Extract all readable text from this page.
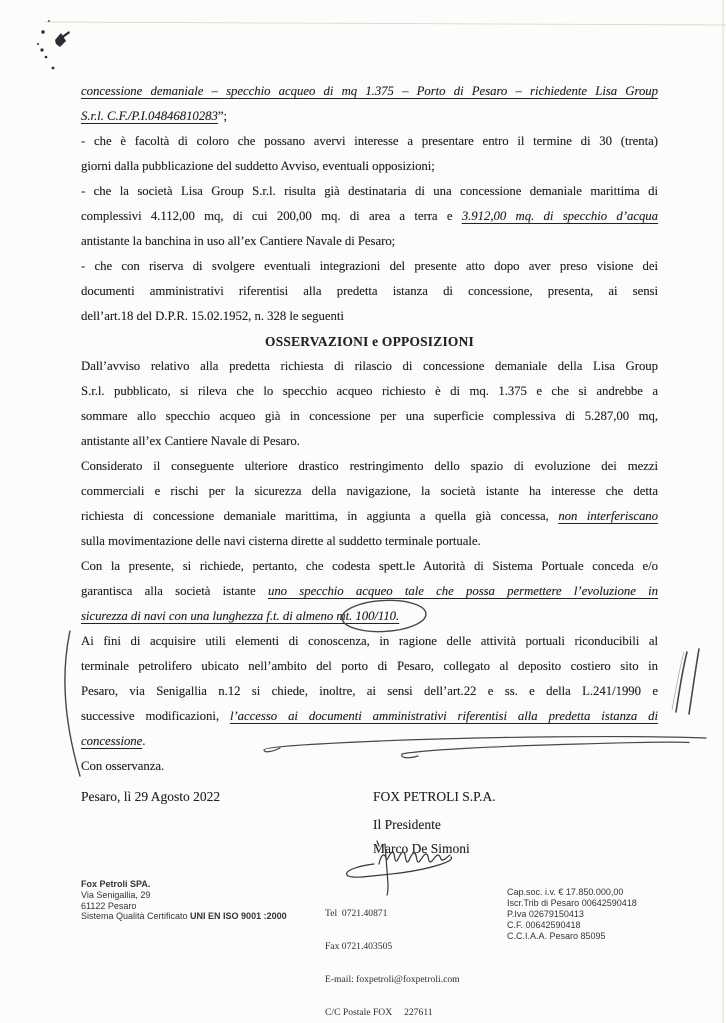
concessione demaniale – specchio acqueo di mq 1.375 – Porto di Pesaro – richiedente Lisa Group
S.r.l. C.F./P.I.04846810283”;
- che è facoltà di coloro che possano avervi interesse a presentare entro il termine di 30 (trenta)
giorni dalla pubblicazione del suddetto Avviso, eventuali opposizioni;
- che la società Lisa Group S.r.l. risulta già destinataria di una concessione demaniale marittima di
complessivi 4.112,00 mq, di cui 200,00 mq. di area a terra e 3.912,00 mq. di specchio d’acqua
antistante la banchina in uso all’ex Cantiere Navale di Pesaro;
- che con riserva di svolgere eventuali integrazioni del presente atto dopo aver preso visione dei
documenti amministrativi riferentisi alla predetta istanza di concessione, presenta, ai sensi
dell’art.18 del D.P.R. 15.02.1952, n. 328 le seguenti
OSSERVAZIONI e OPPOSIZIONI
Dall’avviso relativo alla predetta richiesta di rilascio di concessione demaniale della Lisa Group
S.r.l. pubblicato, si rileva che lo specchio acqueo richiesto è di mq. 1.375 e che si andrebbe a
sommare allo specchio acqueo già in concessione per una superficie complessiva di 5.287,00 mq,
antistante all’ex Cantiere Navale di Pesaro.
Considerato il conseguente ulteriore drastico restringimento dello spazio di evoluzione dei mezzi
commerciali e rischi per la sicurezza della navigazione, la società istante ha interesse che detta
richiesta di concessione demaniale marittima, in aggiunta a quella già concessa, non interferiscano
sulla movimentazione delle navi cisterna dirette al suddetto terminale portuale.
Con la presente, si richiede, pertanto, che codesta spett.le Autorità di Sistema Portuale conceda e/o
garantisca alla società istante uno specchio acqueo tale che possa permettere l’evoluzione in
sicurezza di navi con una lunghezza f.t. di almeno mt. 100/110.
Ai fini di acquisire utili elementi di conoscenza, in ragione delle attività portuali riconducibili al
terminale petrolifero ubicato nell’ambito del porto di Pesaro, collegato al deposito costiero sito in
Pesaro, via Senigallia n.12 si chiede, inoltre, ai sensi dell’art.22 e ss. e della L.241/1990 e
successive modificazioni, l’accesso ai documenti amministrativi riferentisi alla predetta istanza di
concessione.
Con osservanza.
Pesaro, lì 29 Agosto 2022	FOX PETROLI S.P.A.
Il Presidente
Marco De Simoni
Fox Petroli SPA.
Via Senigallia, 29
61122 Pesaro
Sistema Qualità Certificato UNI EN ISO 9001 :2000

	Tel  0721.40871

Fax 0721.403505

E-mail: foxpetroli@foxpetroli.com

C/C Postale FOX     227611

Cap.soc. i.v. € 17.850.000,00
Iscr.Trib di Pesaro 00642590418
P.Iva 02679150413
C.F. 00642590418
C.C.I.A.A. Pesaro 85095
